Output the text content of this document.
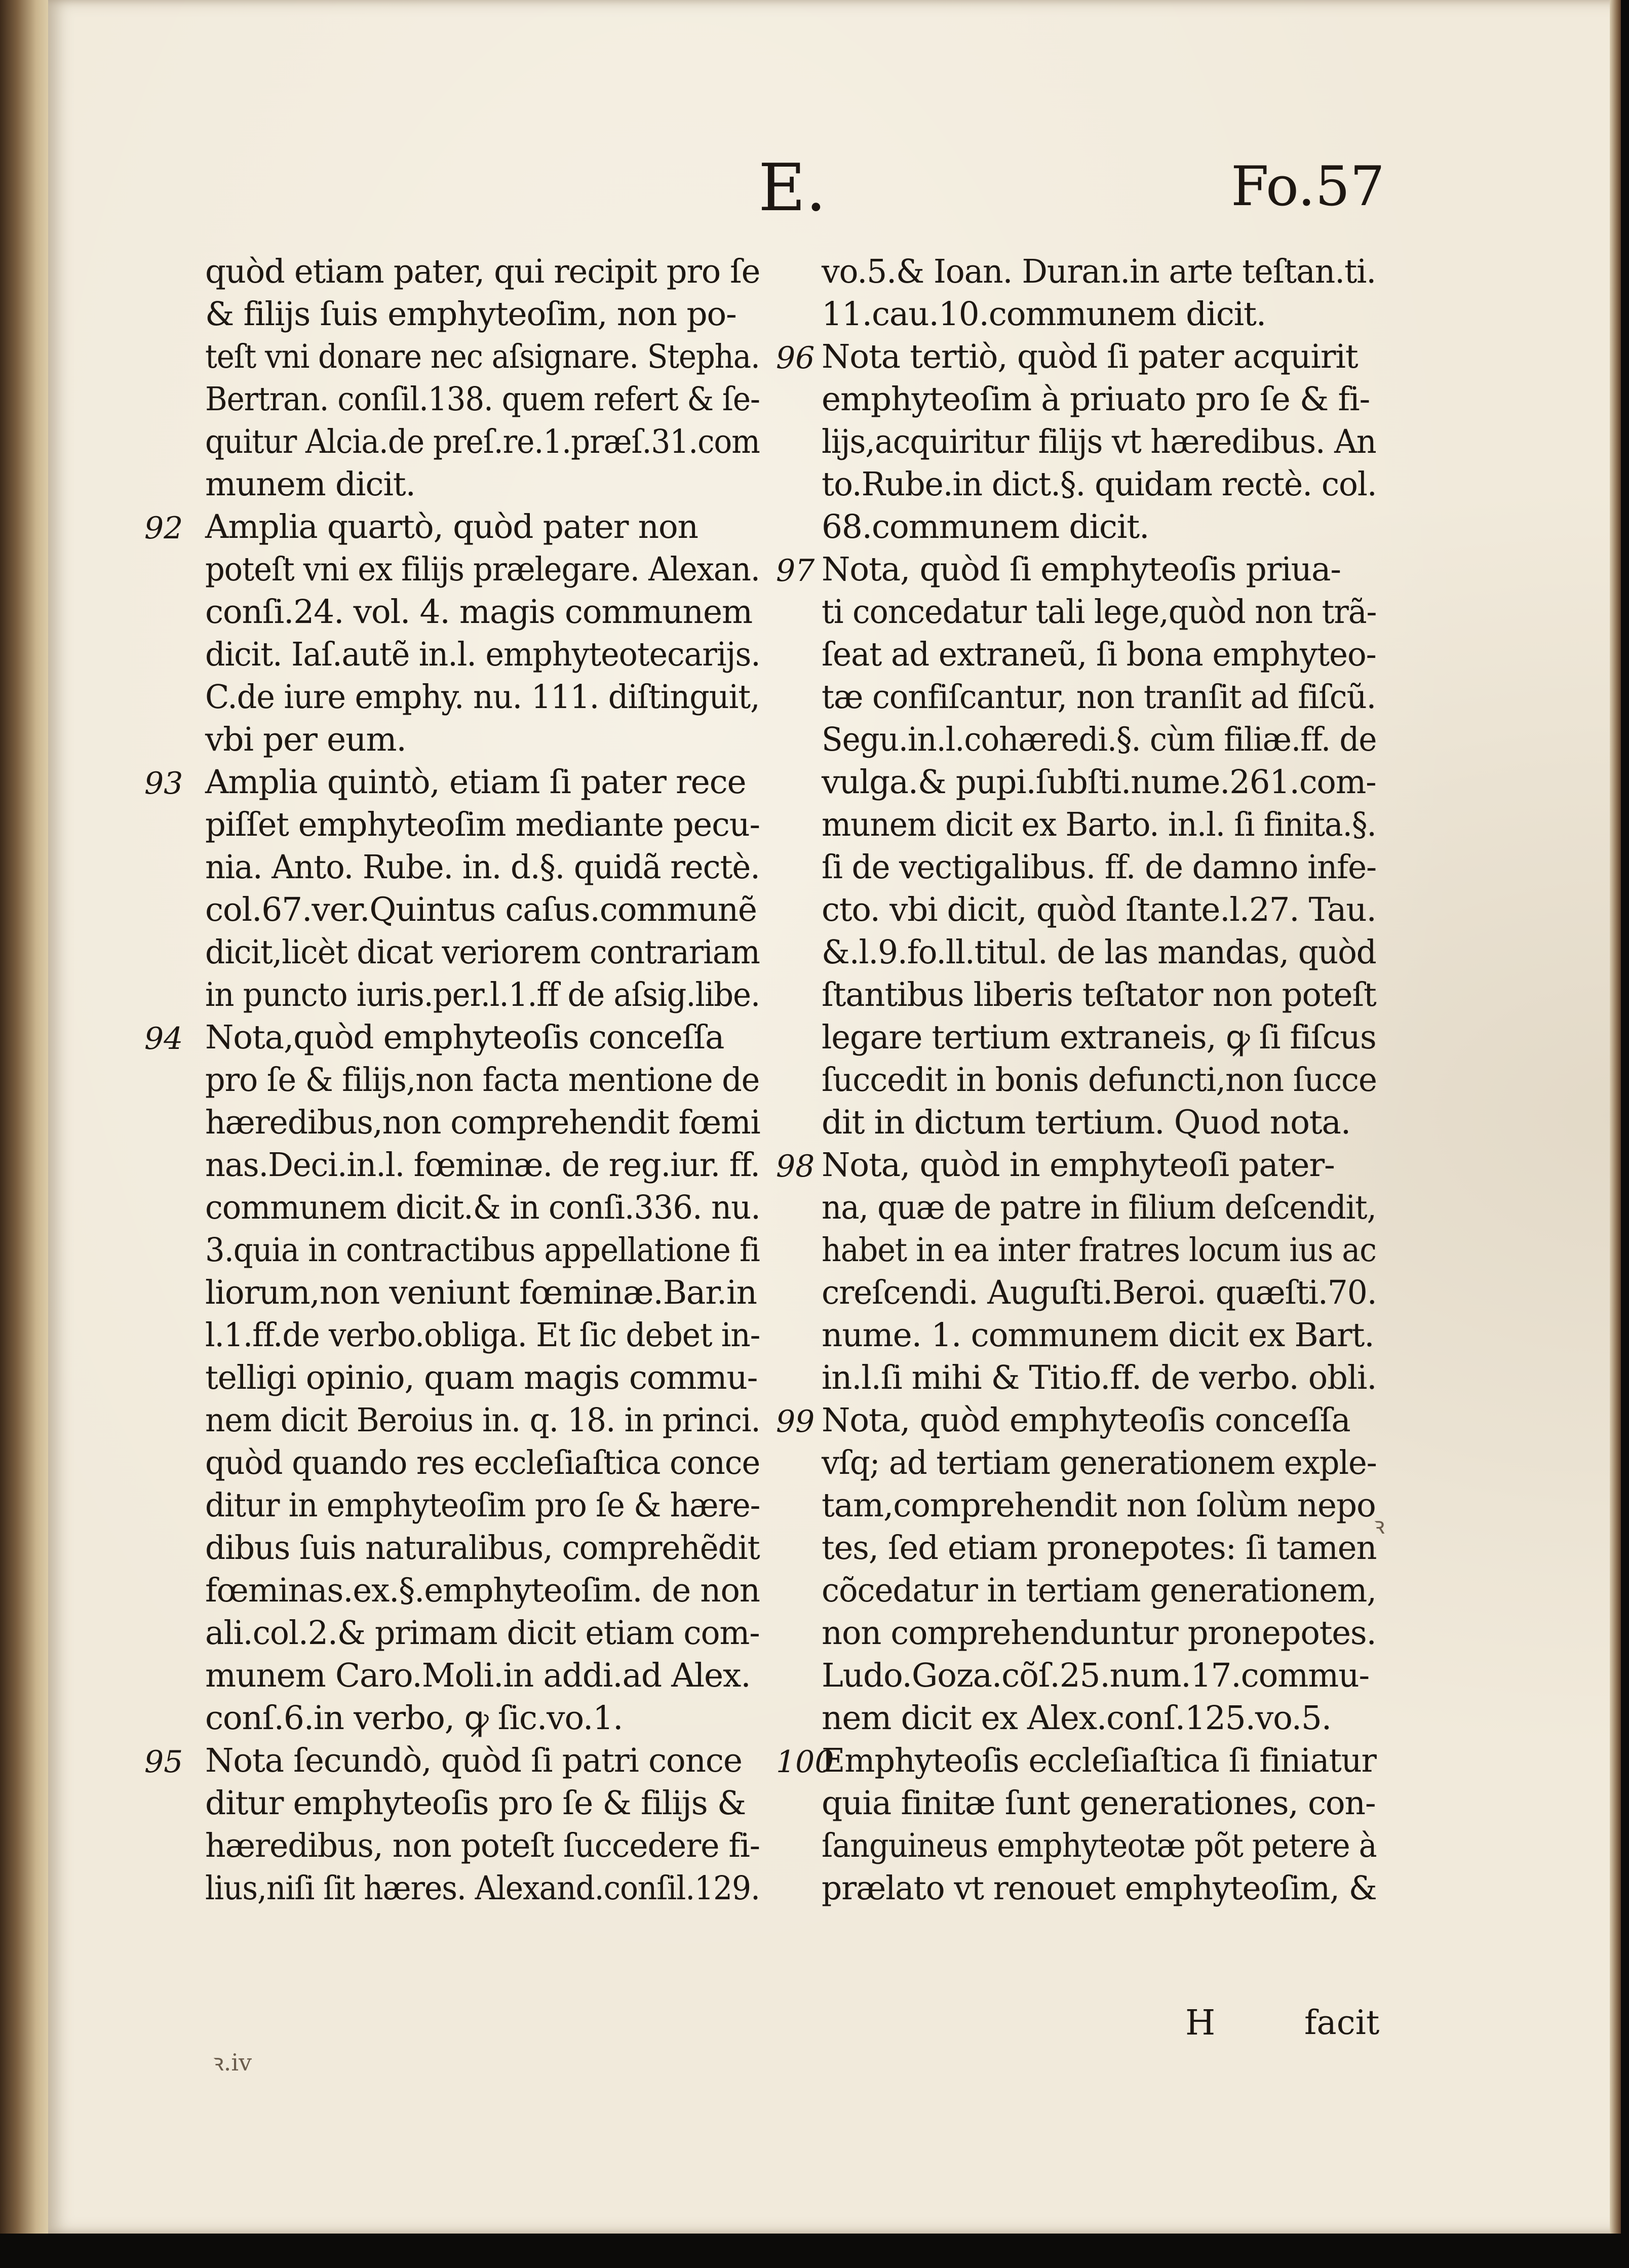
E.	Fo.57
quòd etiam pater, qui recipit pro ſe
& filijs ſuis emphyteoſim, non po-
teſt vni donare nec aſsignare. Stepha.
Bertran. conſil.138. quem refert & ſe-
quitur Alcia.de preſ.re.1.præſ.31.com
munem dicit.
Amplia quartò, quòd pater non
poteſt vni ex filijs prælegare. Alexan.
conſi.24. vol. 4. magis communem
dicit. Iaſ.autẽ in.l. emphyteotecarijs.
C.de iure emphy. nu. 111. diſtinguit,
vbi per eum.
Amplia quintò, etiam ſi pater rece
piſſet emphyteoſim mediante pecu-
nia. Anto. Rube. in. d.§. quidã rectè.
col.67.ver.Quintus caſus.communẽ
dicit,licèt dicat veriorem contrariam
in puncto iuris.per.l.1.ff de aſsig.libe.
Nota,quòd emphyteoſis conceſſa
pro ſe & filijs,non facta mentione de
hæredibus,non comprehendit fœmi
nas.Deci.in.l. fœminæ. de reg.iur. ff.
communem dicit.& in conſi.336. nu.
3.quia in contractibus appellatione fi
liorum,non veniunt fœminæ.Bar.in
l.1.ff.de verbo.obliga. Et ſic debet in-
telligi opinio, quam magis commu-
nem dicit Beroius in. q. 18. in princi.
quòd quando res eccleſiaſtica conce
ditur in emphyteoſim pro ſe & hære-
dibus ſuis naturalibus, comprehẽdit
fœminas.ex.§.emphyteoſim. de non
ali.col.2.& primam dicit etiam com-
munem Caro.Moli.in addi.ad Alex.
conſ.6.in verbo, ꝙ ſic.vo.1.
Nota ſecundò, quòd ſi patri conce
ditur emphyteoſis pro ſe & filijs &
hæredibus, non poteſt ſuccedere fi-
lius,niſi ſit hæres. Alexand.conſil.129.
vo.5.& Ioan. Duran.in arte teſtan.ti.
11.cau.10.communem dicit.
Nota tertiò, quòd ſi pater acquirit
emphyteoſim à priuato pro ſe & fi-
lijs,acquiritur filijs vt hæredibus. An
to.Rube.in dict.§. quidam rectè. col.
68.communem dicit.
Nota, quòd ſi emphyteoſis priua-
ti concedatur tali lege,quòd non trã-
ſeat ad extraneũ, ſi bona emphyteo-
tæ confiſcantur, non tranſit ad fiſcũ.
Segu.in.l.cohæredi.§. cùm filiæ.ff. de
vulga.& pupi.ſubſti.nume.261.com-
munem dicit ex Barto. in.l. ſi finita.§.
ſi de vectigalibus. ff. de damno infe-
cto. vbi dicit, quòd ſtante.l.27. Tau.
&.l.9.fo.ll.titul. de las mandas, quòd
ſtantibus liberis teſtator non poteſt
legare tertium extraneis, ꝙ ſi fiſcus
ſuccedit in bonis defuncti,non ſucce
dit in dictum tertium. Quod nota.
Nota, quòd in emphyteoſi pater-
na, quæ de patre in filium deſcendit,
habet in ea inter fratres locum ius ac
creſcendi. Auguſti.Beroi. quæſti.70.
nume. 1. communem dicit ex Bart.
in.l.ſi mihi & Titio.ff. de verbo. obli.
Nota, quòd emphyteoſis conceſſa
vſq; ad tertiam generationem exple-
tam,comprehendit non ſolùm nepo
tes, ſed etiam pronepotes: ſi tamen
cõcedatur in tertiam generationem,
non comprehenduntur pronepotes.
Ludo.Goza.cõſ.25.num.17.commu-
nem dicit ex Alex.conſ.125.vo.5.
Emphyteoſis eccleſiaſtica ſi finiatur
quia finitæ ſunt generationes, con-
ſanguineus emphyteotæ põt petere à
prælato vt renouet emphyteoſim, &
92
93
94
95
96
97
98
99
100
H	facit
ꝛ.iv
ꝛ
